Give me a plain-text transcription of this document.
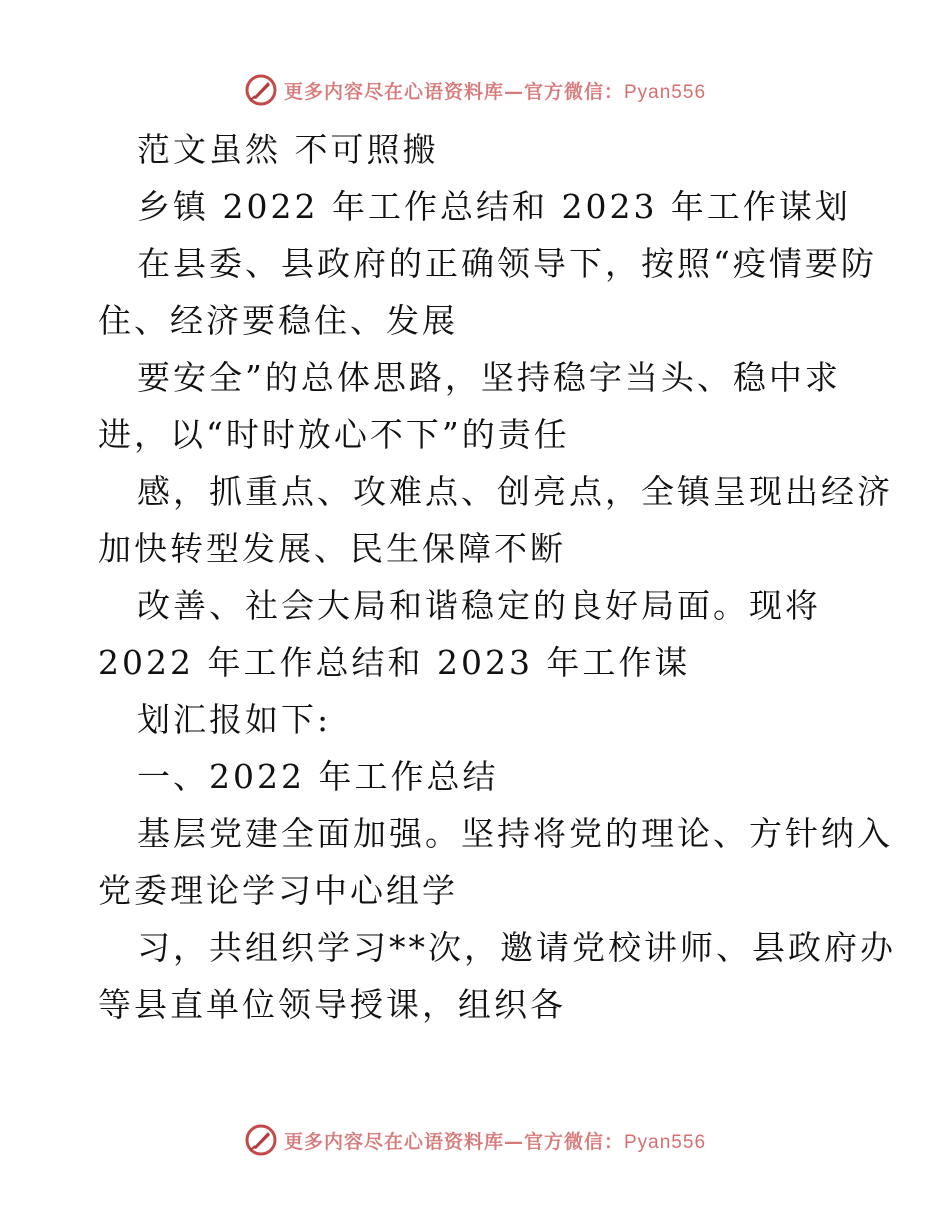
更多内容尽在心语资料库—官方微信：Pyan556
范文虽然 不可照搬
乡镇 2022 年工作总结和 2023 年工作谋划
在县委、县政府的正确领导下，按照“疫情要防
住、经济要稳住、发展
要安全”的总体思路，坚持稳字当头、稳中求
进，以“时时放心不下”的责任
感，抓重点、攻难点、创亮点，全镇呈现出经济
加快转型发展、民生保障不断
改善、社会大局和谐稳定的良好局面。现将
2022 年工作总结和 2023 年工作谋
划汇报如下:
一、2022 年工作总结
基层党建全面加强。坚持将党的理论、方针纳入
党委理论学习中心组学
习，共组织学习**次，邀请党校讲师、县政府办
等县直单位领导授课，组织各
更多内容尽在心语资料库—官方微信：Pyan556
